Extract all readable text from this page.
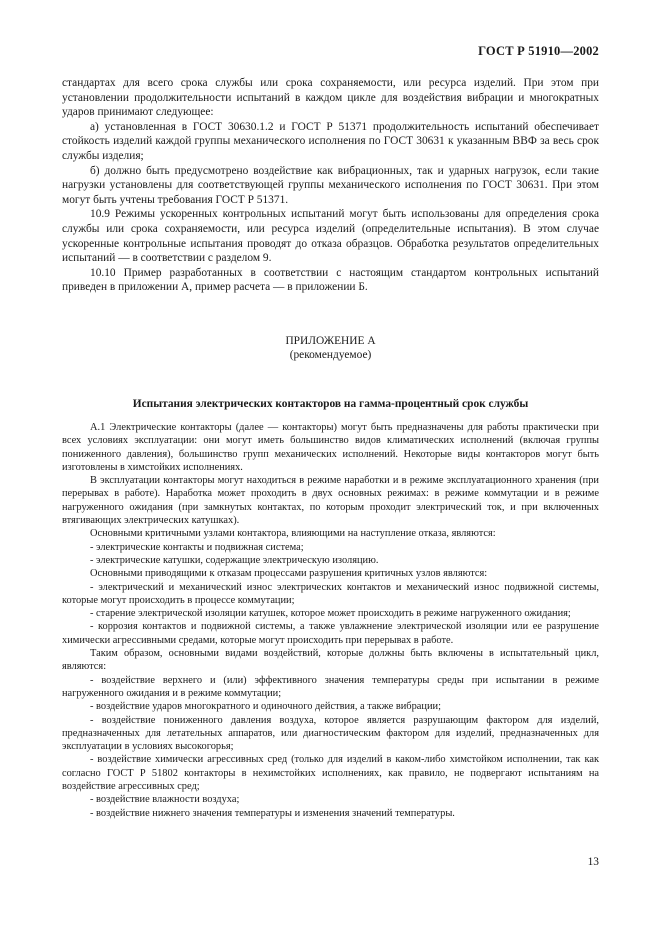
ГОСТ Р 51910—2002

стандартах для всего срока службы или срока сохраняемости, или ресурса изделий. При этом при установлении продолжительности испытаний в каждом цикле для воздействия вибрации и многократных ударов принимают следующее:

а) установленная в ГОСТ 30630.1.2 и ГОСТ Р 51371 продолжительность испытаний обеспечивает стойкость изделий каждой группы механического исполнения по ГОСТ 30631 к указанным ВВФ за весь срок службы изделия;

б) должно быть предусмотрено воздействие как вибрационных, так и ударных нагрузок, если такие нагрузки установлены для соответствующей группы механического исполнения по ГОСТ 30631. При этом могут быть учтены требования ГОСТ Р 51371.

10.9 Режимы ускоренных контрольных испытаний могут быть использованы для определения срока службы или срока сохраняемости, или ресурса изделий (определительные испытания). В этом случае ускоренные контрольные испытания проводят до отказа образцов. Обработка результатов определительных испытаний — в соответствии с разделом 9.

10.10 Пример разработанных в соответствии с настоящим стандартом контрольных испытаний приведен в приложении А, пример расчета — в приложении Б.

ПРИЛОЖЕНИЕ А
(рекомендуемое)
Испытания электрических контакторов на гамма-процентный срок службы

А.1 Электрические контакторы (далее — контакторы) могут быть предназначены для работы практически при всех условиях эксплуатации: они могут иметь большинство видов климатических исполнений (включая группы пониженного давления), большинство групп механических исполнений. Некоторые виды контакторов могут быть изготовлены в химстойких исполнениях.

В эксплуатации контакторы могут находиться в режиме наработки и в режиме эксплуатационного хранения (при перерывах в работе). Наработка может проходить в двух основных режимах: в режиме коммутации и в режиме нагруженного ожидания (при замкнутых контактах, по которым проходит электрический ток, и при включенных втягивающих электрических катушках).

Основными критичными узлами контактора, влияющими на наступление отказа, являются:

- электрические контакты и подвижная система;

- электрические катушки, содержащие электрическую изоляцию.

Основными приводящими к отказам процессами разрушения критичных узлов являются:

- электрический и механический износ электрических контактов и механический износ подвижной системы, которые могут происходить в процессе коммутации;

- старение электрической изоляции катушек, которое может происходить в режиме нагруженного ожидания;

- коррозия контактов и подвижной системы, а также увлажнение электрической изоляции или ее разрушение химически агрессивными средами, которые могут происходить при перерывах в работе.

Таким образом, основными видами воздействий, которые должны быть включены в испытательный цикл, являются:

- воздействие верхнего и (или) эффективного значения температуры среды при испытании в режиме нагруженного ожидания и в режиме коммутации;

- воздействие ударов многократного и одиночного действия, а также вибрации;

- воздействие пониженного давления воздуха, которое является разрушающим фактором для изделий, предназначенных для летательных аппаратов, или диагностическим фактором для изделий, предназначенных для эксплуатации в условиях высокогорья;

- воздействие химически агрессивных сред (только для изделий в каком-либо химстойком исполнении, так как согласно ГОСТ Р 51802 контакторы в нехимстойких исполнениях, как правило, не подвергают испытаниям на воздействие агрессивных сред;

- воздействие влажности воздуха;

- воздействие нижнего значения температуры и изменения значений температуры.

13
